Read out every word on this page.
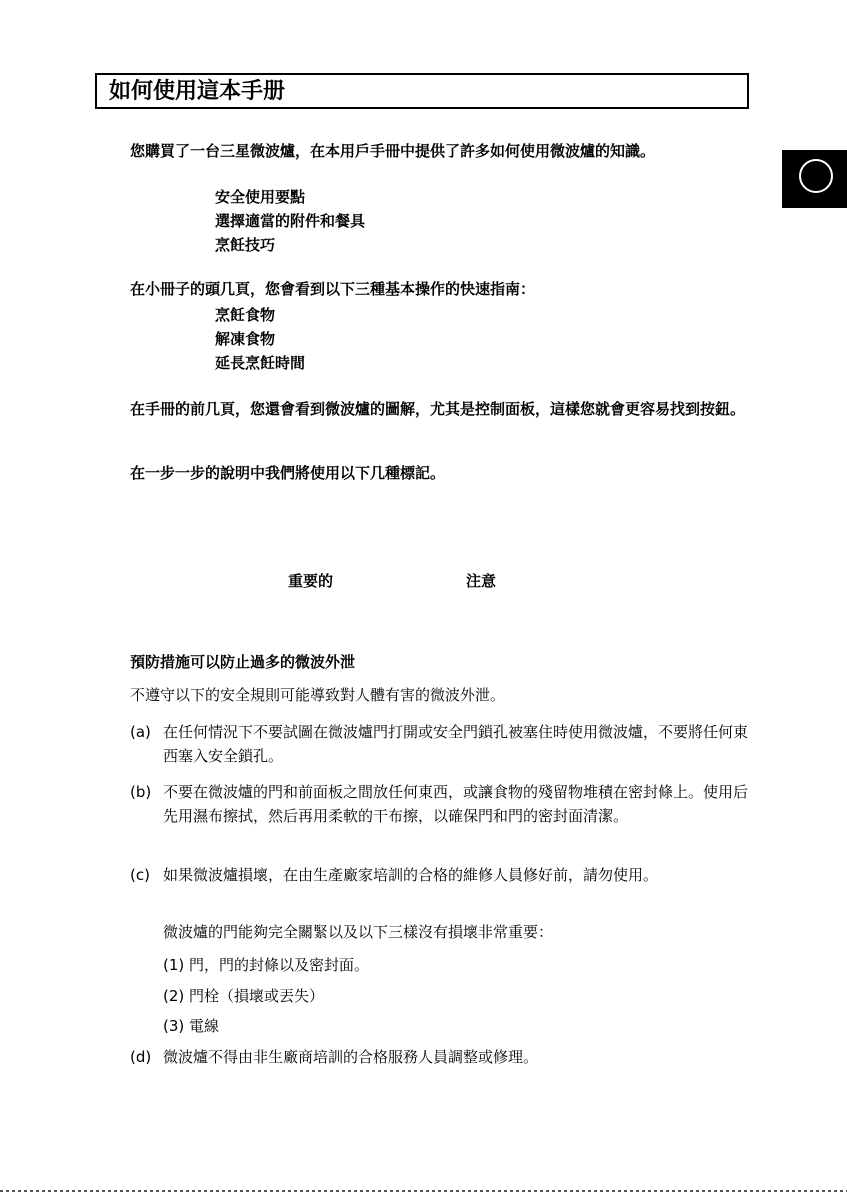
如何使用這本手册
您購買了一台三星微波爐，在本用戶手冊中提供了許多如何使用微波爐的知識。
安全使用要點
選擇適當的附件和餐具
烹飪技巧
在小冊子的頭几頁，您會看到以下三種基本操作的快速指南：
烹飪食物
解凍食物
延長烹飪時間
在手冊的前几頁，您還會看到微波爐的圖解，尤其是控制面板，這樣您就會更容易找到按鈕。
在一步一步的說明中我們將使用以下几種標記。
重要的	注意
預防措施可以防止過多的微波外泄
不遵守以下的安全規則可能導致對人體有害的微波外泄。
(a) 在任何情況下不要試圖在微波爐門打開或安全門鎖孔被塞住時使用微波爐，不要將任何東西塞入安全鎖孔。
(b) 不要在微波爐的門和前面板之間放任何東西，或讓食物的殘留物堆積在密封條上。使用后先用濕布擦拭，然后再用柔軟的干布擦，以確保門和門的密封面清潔。
(c) 如果微波爐損壞，在由生產廠家培訓的合格的維修人員修好前，請勿使用。
微波爐的門能夠完全關緊以及以下三樣沒有損壞非常重要：
(1) 門，門的封條以及密封面。
(2) 門栓（損壞或丟失）
(3) 電線
(d) 微波爐不得由非生廠商培訓的合格服務人員調整或修理。
